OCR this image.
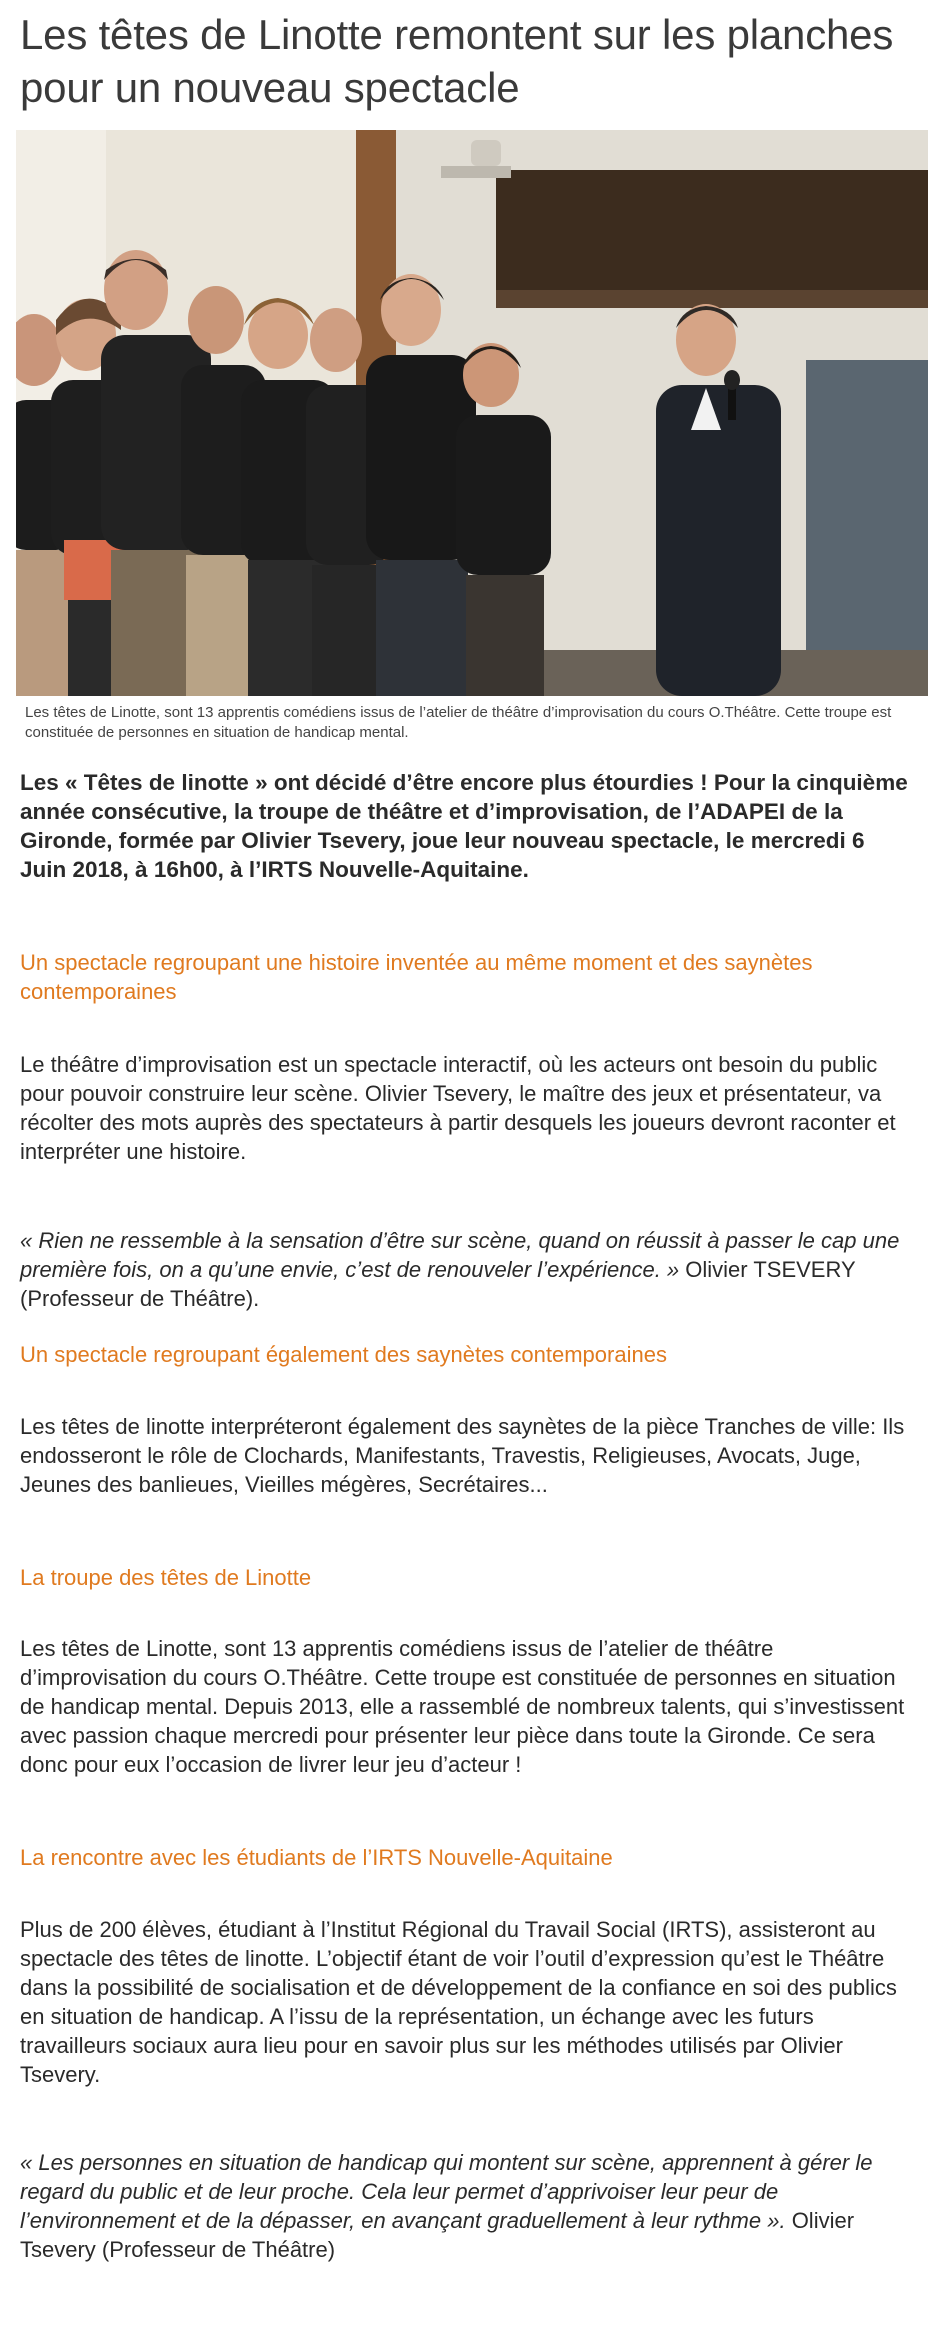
Les têtes de Linotte remontent sur les planches pour un nouveau spectacle

Les têtes de Linotte, sont 13 apprentis comédiens issus de l’atelier de théâtre d’improvisation du cours O.Théâtre. Cette troupe est constituée de personnes en situation de handicap mental.

Les « Têtes de linotte » ont décidé d’être encore plus étourdies ! Pour la cinquième année consécutive, la troupe de théâtre et d’improvisation, de l’ADAPEI de la Gironde, formée par Olivier Tsevery, joue leur nouveau spectacle, le mercredi 6 Juin 2018, à 16h00, à l’IRTS Nouvelle-Aquitaine.

Un spectacle regroupant une histoire inventée au même moment et des saynètes contemporaines

Le théâtre d’improvisation est un spectacle interactif, où les acteurs ont besoin du public pour pouvoir construire leur scène. Olivier Tsevery, le maître des jeux et présentateur, va récolter des mots auprès des spectateurs à partir desquels les joueurs devront raconter et interpréter une histoire.

« Rien ne ressemble à la sensation d’être sur scène, quand on réussit à passer le cap une première fois, on a qu’une envie, c’est de renouveler l’expérience. » Olivier TSEVERY (Professeur de Théâtre).

Un spectacle regroupant également des saynètes contemporaines

Les têtes de linotte interpréteront également des saynètes de la pièce Tranches de ville: Ils endosseront le rôle de Clochards, Manifestants, Travestis, Religieuses, Avocats, Juge, Jeunes des banlieues, Vieilles mégères, Secrétaires...

La troupe des têtes de Linotte

Les têtes de Linotte, sont 13 apprentis comédiens issus de l’atelier de théâtre d’improvisation du cours O.Théâtre. Cette troupe est constituée de personnes en situation de handicap mental. Depuis 2013, elle a rassemblé de nombreux talents, qui s’investissent avec passion chaque mercredi pour présenter leur pièce dans toute la Gironde. Ce sera donc pour eux l’occasion de livrer leur jeu d’acteur !

La rencontre avec les étudiants de l’IRTS Nouvelle-Aquitaine

Plus de 200 élèves, étudiant à l’Institut Régional du Travail Social (IRTS), assisteront au spectacle des têtes de linotte. L’objectif étant de voir l’outil d’expression qu’est le Théâtre dans la possibilité de socialisation et de développement de la confiance en soi des publics en situation de handicap. A l’issu de la représentation, un échange avec les futurs travailleurs sociaux aura lieu pour en savoir plus sur les méthodes utilisés par Olivier Tsevery.

« Les personnes en situation de handicap qui montent sur scène, apprennent à gérer le regard du public et de leur proche. Cela leur permet d’apprivoiser leur peur de l’environnement et de la dépasser, en avançant graduellement à leur rythme ». Olivier Tsevery (Professeur de Théâtre)
